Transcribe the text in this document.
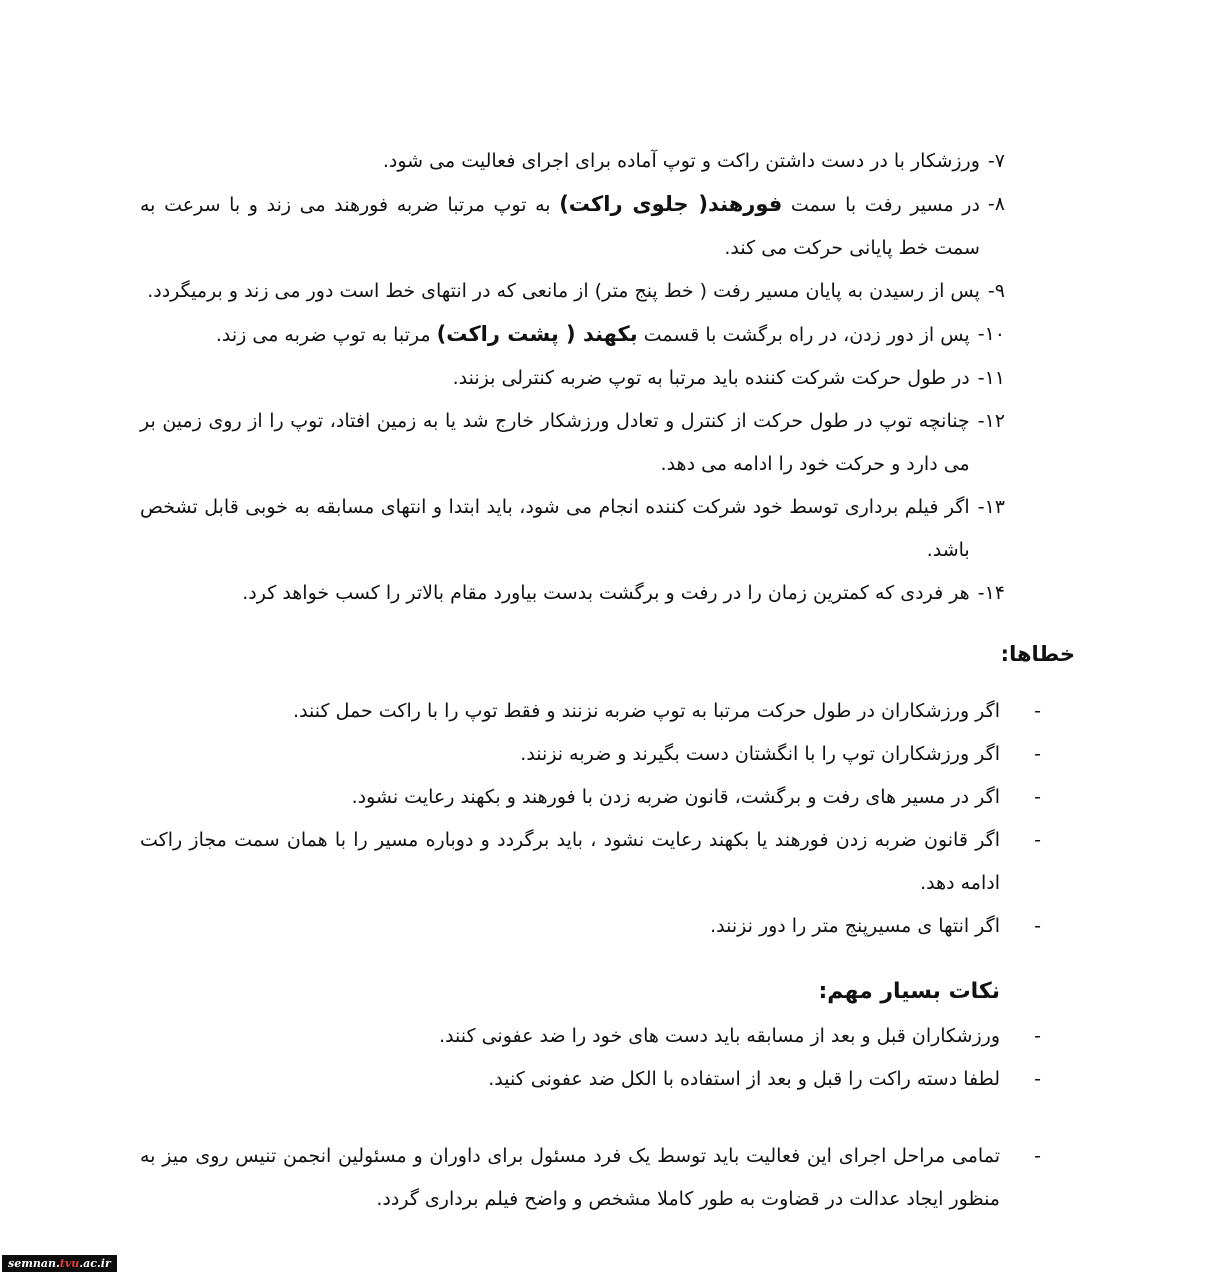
۷-
ورزشکار با در دست داشتن راکت و توپ آماده برای اجرای فعالیت می شود.
۸-
در مسیر رفت با سمت فورهند( جلوی راکت) به توپ مرتبا ضربه فورهند می زند و با سرعت به سمت خط پایانی حرکت می کند.
۹-
پس از رسیدن به پایان مسیر رفت ( خط پنج متر) از مانعی که در انتهای خط است دور می زند و برمیگردد.
۱۰-
پس از دور زدن، در راه برگشت با قسمت بکهند ( پشت راکت) مرتبا به توپ ضربه می زند.
۱۱-
در طول حرکت شرکت کننده باید مرتبا به توپ ضربه کنترلی بزنند.
۱۲-
چنانچه توپ در طول حرکت از کنترل و تعادل ورزشکار خارج شد یا به زمین افتاد، توپ را از روی زمین بر می دارد و حرکت خود را ادامه می دهد.
۱۳-
اگر فیلم برداری توسط خود شرکت کننده انجام می شود، باید ابتدا و انتهای مسابقه به خوبی قابل تشخص باشد.
۱۴-
هر فردی که کمترین زمان را در رفت و برگشت بدست بیاورد مقام بالاتر را کسب خواهد کرد.
خطاها:
-
اگر ورزشکاران در طول حرکت مرتبا به توپ ضربه نزنند و فقط توپ را با راکت حمل کنند.
-
اگر ورزشکاران توپ را با انگشتان دست بگیرند و ضربه نزنند.
-
اگر در مسیر های رفت و برگشت، قانون ضربه زدن با فورهند و بکهند رعایت نشود.
-
اگر قانون ضربه زدن فورهند یا بکهند رعایت نشود ، باید برگردد و دوباره مسیر را با همان سمت مجاز راکت ادامه دهد.
-
اگر انتها ی مسیرپنج متر را دور نزنند.
نکات بسیار مهم:
-
ورزشکاران قبل و بعد از مسابقه باید دست های خود را ضد عفونی کنند.
-
لطفا دسته راکت را قبل و بعد از استفاده با الکل ضد عفونی کنید.
-
تمامی مراحل اجرای این فعالیت باید توسط یک فرد مسئول برای داوران و مسئولین انجمن تنیس روی میز به منظور ایجاد عدالت در قضاوت به طور کاملا مشخص و واضح فیلم برداری گردد.
semnan.tvu.ac.ir
